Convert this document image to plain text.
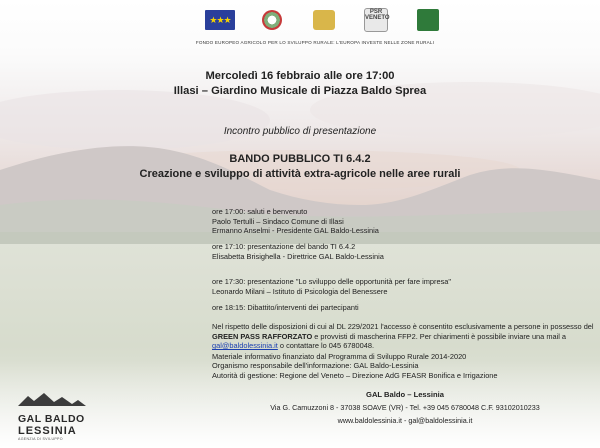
★★★
PSR
VENETO
FONDO EUROPEO AGRICOLO PER LO SVILUPPO RURALE: L'EUROPA INVESTE NELLE ZONE RURALI
Mercoledì 16 febbraio alle ore 17:00
Illasi – Giardino Musicale di Piazza Baldo Sprea
Incontro pubblico di presentazione
BANDO PUBBLICO TI 6.4.2
Creazione e sviluppo di attività extra-agricole nelle aree rurali
ore 17:00: saluti e benvenuto
Paolo Tertulli – Sindaco Comune di Illasi
Ermanno Anselmi - Presidente GAL Baldo-Lessinia
ore 17:10: presentazione del bando TI 6.4.2
Elisabetta Brisighella - Direttrice GAL Baldo-Lessinia
ore 17:30: presentazione "Lo sviluppo delle opportunità per fare impresa"
Leonardo Milani – Istituto di Psicologia del Benessere
ore 18:15: Dibattito/interventi dei partecipanti
Nel rispetto delle disposizioni di cui al DL 229/2021 l'accesso è consentito esclusivamente a persone in possesso del GREEN PASS RAFFORZATO e provvisti di mascherina FFP2. Per chiarimenti è possibile inviare una mail a gal@baldolessinia.it o contattare lo 045 6780048.
Materiale informativo finanziato dal Programma di Sviluppo Rurale 2014-2020
Organismo responsabile dell'informazione: GAL Baldo-Lessinia
Autorità di gestione: Regione del Veneto – Direzione AdG FEASR Bonifica e Irrigazione
GAL BALDO
LESSINIA
AGENZIA DI SVILUPPO
GAL Baldo – Lessinia
Via G. Camuzzoni 8 - 37038 SOAVE (VR) - Tel. +39 045 6780048 C.F. 93102010233
www.baldolessinia.it - gal@baldolessinia.it
